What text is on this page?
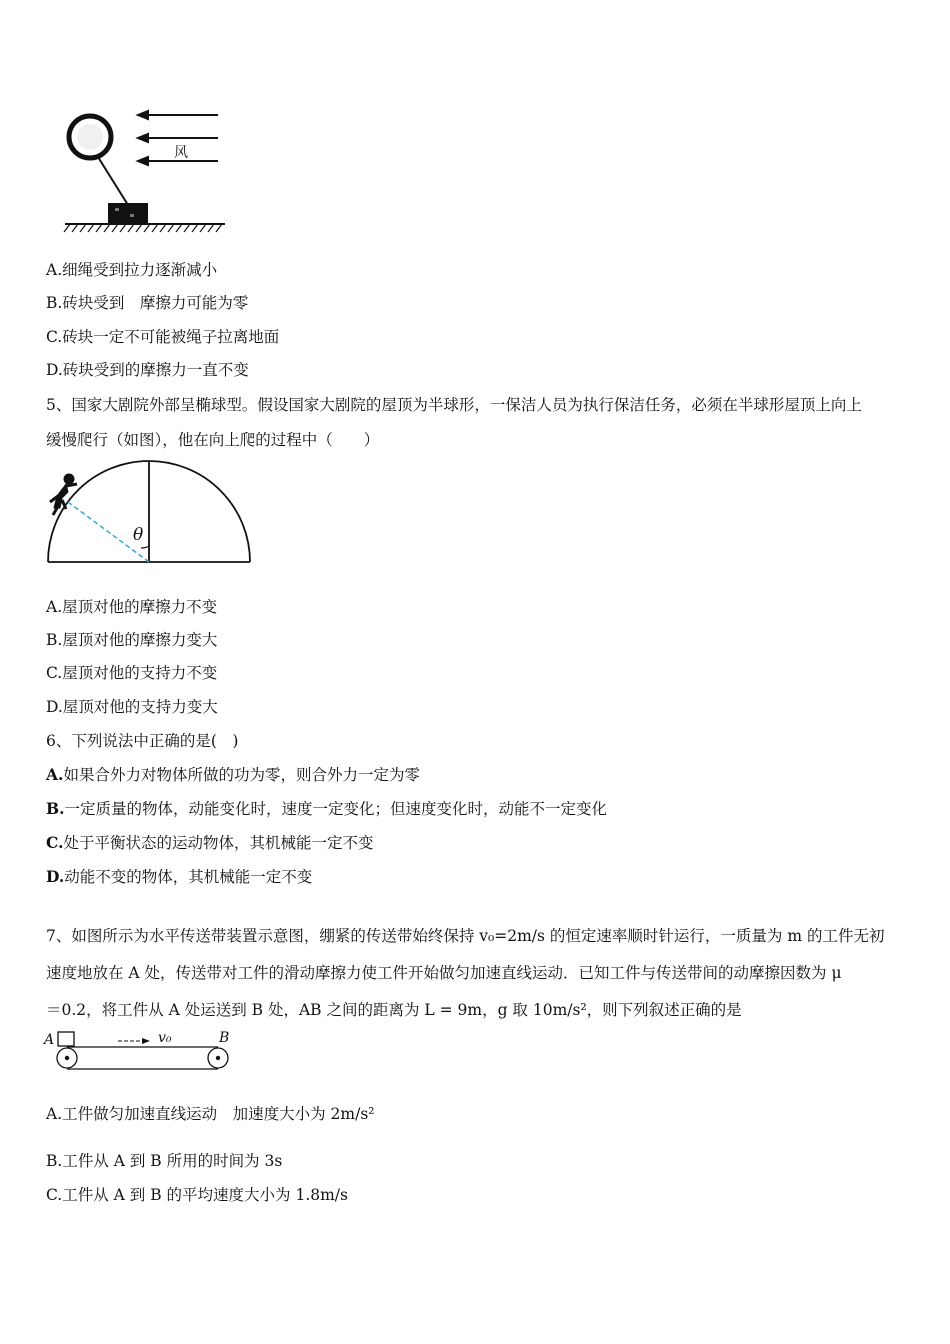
风
A.细绳受到拉力逐渐减小
B.砖块受到　摩擦力可能为零
C.砖块一定不可能被绳子拉离地面
D.砖块受到的摩擦力一直不变
5、国家大剧院外部呈椭球型。假设国家大剧院的屋顶为半球形，一保洁人员为执行保洁任务，必须在半球形屋顶上向上
缓慢爬行（如图），他在向上爬的过程中（　　）
θ
A.屋顶对他的摩擦力不变
B.屋顶对他的摩擦力变大
C.屋顶对他的支持力不变
D.屋顶对他的支持力变大
6、下列说法中正确的是(　)
A.如果合外力对物体所做的功为零，则合外力一定为零
B.一定质量的物体，动能变化时，速度一定变化；但速度变化时，动能不一定变化
C.处于平衡状态的运动物体，其机械能一定不变
D.动能不变的物体，其机械能一定不变
7、如图所示为水平传送带装置示意图，绷紧的传送带始终保持 v₀=2m/s 的恒定速率顺时针运行，一质量为 m 的工件无初
速度地放在 A 处，传送带对工件的滑动摩擦力使工件开始做匀加速直线运动．已知工件与传送带间的动摩擦因数为 μ
＝0.2，将工件从 A 处运送到 B 处，AB 之间的距离为 L = 9m，g 取 10m/s²，则下列叙述正确的是
A	v₀	B
A.工件做匀加速直线运动　加速度大小为 2m/s²
B.工件从 A 到 B 所用的时间为 3s
C.工件从 A 到 B 的平均速度大小为 1.8m/s
